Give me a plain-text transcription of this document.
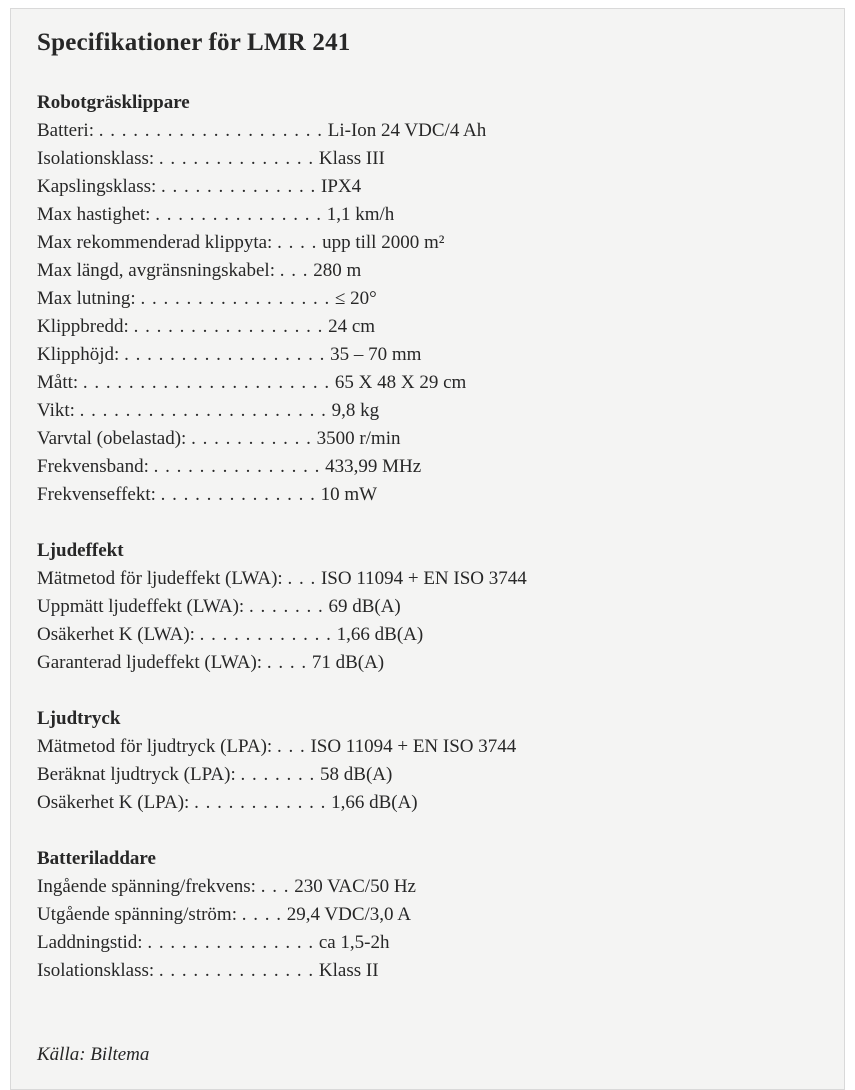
Specifikationer för LMR 241
Robotgräsklippare
Batteri: . . . . . . . . . . . . . . . . . . . . Li-Ion 24 VDC/4 Ah
Isolationsklass: . . . . . . . . . . . . . . Klass III
Kapslingsklass: . . . . . . . . . . . . . . IPX4
Max hastighet: . . . . . . . . . . . . . . . 1,1 km/h
Max rekommenderad klippyta: . . . . upp till 2000 m²
Max längd, avgränsningskabel: . . . 280 m
Max lutning: . . . . . . . . . . . . . . . . . ≤ 20°
Klippbredd: . . . . . . . . . . . . . . . . . 24 cm
Klipphöjd: . . . . . . . . . . . . . . . . . . 35 – 70 mm
Mått: . . . . . . . . . . . . . . . . . . . . . . 65 X 48 X 29 cm
Vikt: . . . . . . . . . . . . . . . . . . . . . . 9,8 kg
Varvtal (obelastad): . . . . . . . . . . . 3500 r/min
Frekvensband: . . . . . . . . . . . . . . . 433,99 MHz
Frekvenseffekt: . . . . . . . . . . . . . . 10 mW
Ljudeffekt
Mätmetod för ljudeffekt (LWA): . . . ISO 11094 + EN ISO 3744
Uppmätt ljudeffekt (LWA): . . . . . . . 69 dB(A)
Osäkerhet K (LWA): . . . . . . . . . . . . 1,66 dB(A)
Garanterad ljudeffekt (LWA): . . . . 71 dB(A)
Ljudtryck
Mätmetod för ljudtryck (LPA): . . . ISO 11094 + EN ISO 3744
Beräknat ljudtryck (LPA): . . . . . . . 58 dB(A)
Osäkerhet K (LPA): . . . . . . . . . . . . 1,66 dB(A)
Batteriladdare
Ingående spänning/frekvens: . . . 230 VAC/50 Hz
Utgående spänning/ström: . . . . 29,4 VDC/3,0 A
Laddningstid: . . . . . . . . . . . . . . . ca 1,5-2h
Isolationsklass: . . . . . . . . . . . . . . Klass II

Källa: Biltema
